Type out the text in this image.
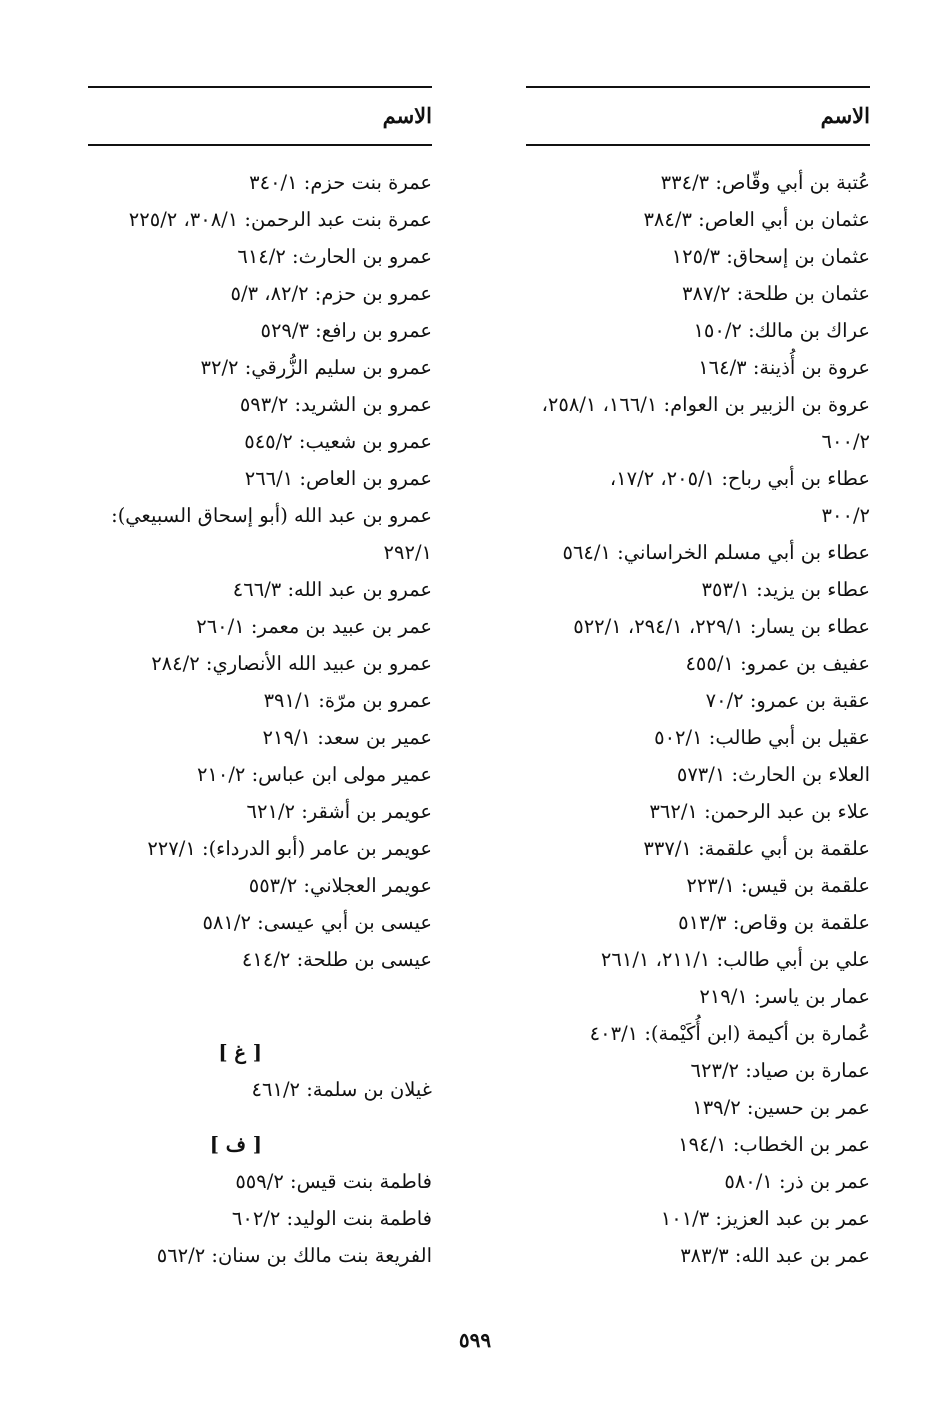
الاسم
عُتبة بن أبي وقّاص: ٣٣٤/٣
عثمان بن أبي العاص: ٣٨٤/٣
عثمان بن إسحاق: ١٢٥/٣
عثمان بن طلحة: ٣٨٧/٢
عراك بن مالك: ١٥٠/٢
عروة بن أُذينة: ١٦٤/٣
عروة بن الزبير بن العوام: ١٦٦/١، ٢٥٨/١،
٦٠٠/٢
عطاء بن أبي رباح: ٢٠٥/١، ١٧/٢،
٣٠٠/٢
عطاء بن أبي مسلم الخراساني: ٥٦٤/١
عطاء بن يزيد: ٣٥٣/١
عطاء بن يسار: ٢٢٩/١، ٢٩٤/١، ٥٢٢/١
عفيف بن عمرو: ٤٥٥/١
عقبة بن عمرو: ٧٠/٢
عقيل بن أبي طالب: ٥٠٢/١
العلاء بن الحارث: ٥٧٣/١
علاء بن عبد الرحمن: ٣٦٢/١
علقمة بن أبي علقمة: ٣٣٧/١
علقمة بن قيس: ٢٢٣/١
علقمة بن وقاص: ٥١٣/٣
علي بن أبي طالب: ٢١١/١، ٢٦١/١
عمار بن ياسر: ٢١٩/١
عُمارة بن أكيمة (ابن أُكَيْمة): ٤٠٣/١
عمارة بن صياد: ٦٢٣/٢
عمر بن حسين: ١٣٩/٢
عمر بن الخطاب: ١٩٤/١
عمر بن ذر: ٥٨٠/١
عمر بن عبد العزيز: ١٠١/٣
عمر بن عبد الله: ٣٨٣/٣
الاسم
عمرة بنت حزم: ٣٤٠/١
عمرة بنت عبد الرحمن: ٣٠٨/١، ٢٢٥/٢
عمرو بن الحارث: ٦١٤/٢
عمرو بن حزم: ٨٢/٢، ٥/٣
عمرو بن رافع: ٥٢٩/٣
عمرو بن سليم الزُّرقي: ٣٢/٢
عمرو بن الشريد: ٥٩٣/٢
عمرو بن شعيب: ٥٤٥/٢
عمرو بن العاص: ٢٦٦/١
عمرو بن عبد الله (أبو إسحاق السبيعي):
٢٩٢/١
عمرو بن عبد الله: ٤٦٦/٣
عمر بن عبيد بن معمر: ٢٦٠/١
عمرو بن عبيد الله الأنصاري: ٢٨٤/٢
عمرو بن مرّة: ٣٩١/١
عمير بن سعد: ٢١٩/١
عمير مولى ابن عباس: ٢١٠/٢
عويمر بن أشقر: ٦٢١/٢
عويمر بن عامر (أبو الدرداء): ٢٢٧/١
عويمر العجلاني: ٥٥٣/٢
عيسى بن أبي عيسى: ٥٨١/٢
عيسى بن طلحة: ٤١٤/٢
[ غ ]
غيلان بن سلمة: ٤٦١/٢
[ ف ]
فاطمة بنت قيس: ٥٥٩/٢
فاطمة بنت الوليد: ٦٠٢/٢
الفريعة بنت مالك بن سنان: ٥٦٢/٢
٥٩٩
